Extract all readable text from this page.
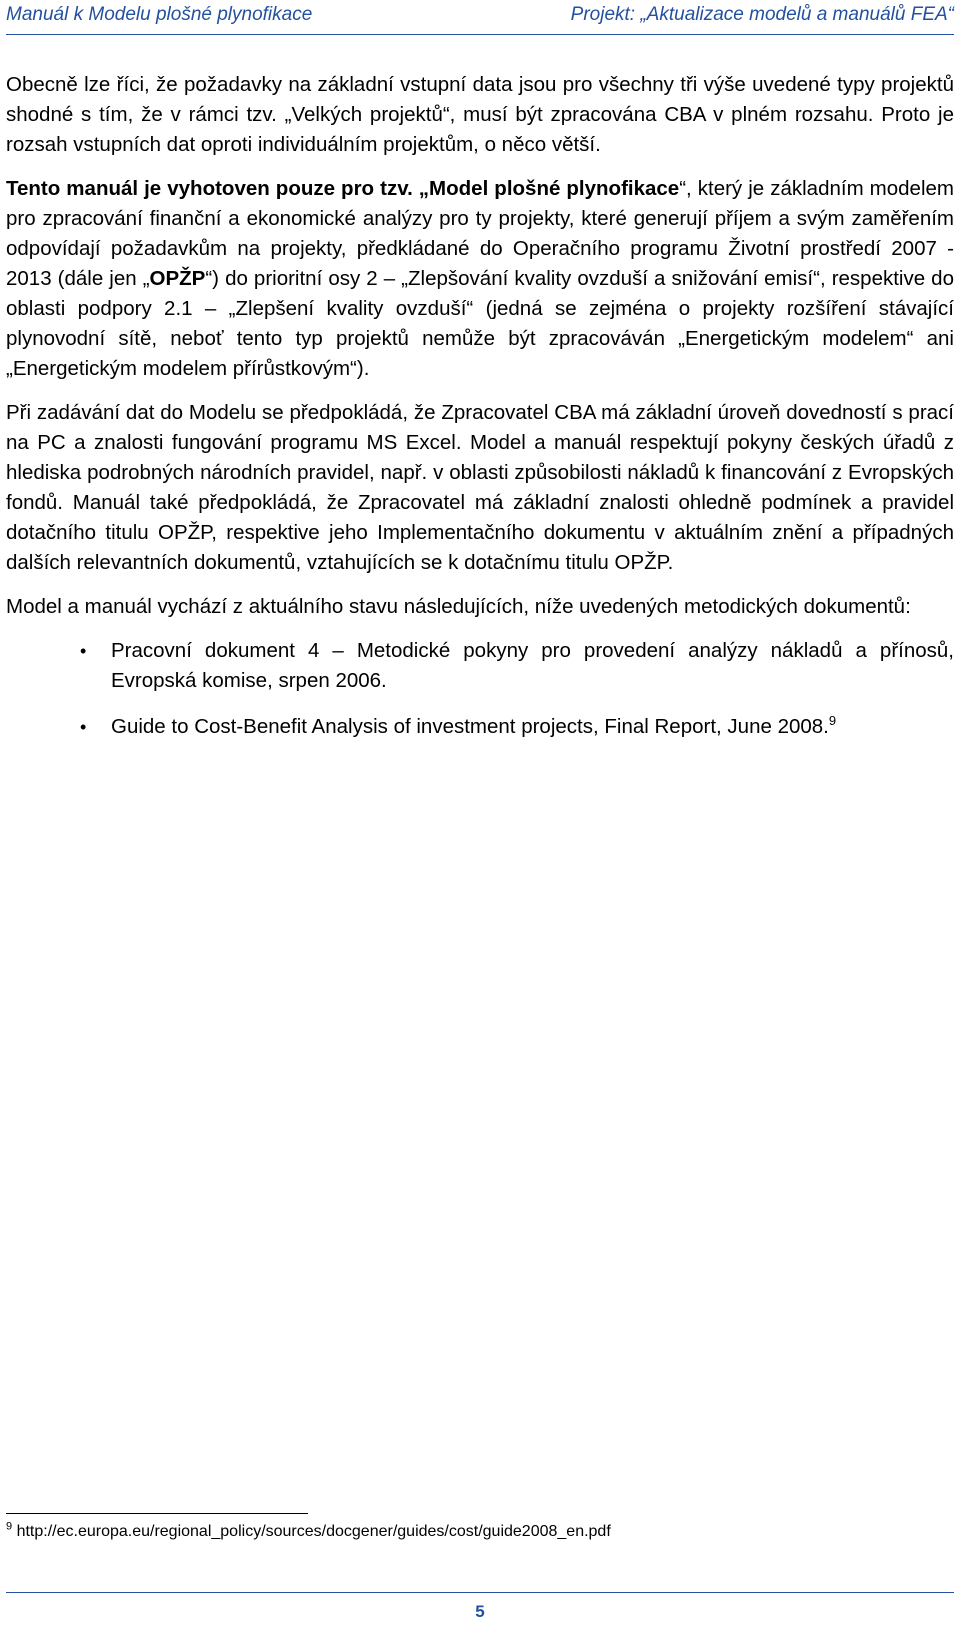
Manuál k Modelu plošné plynofikace	Projekt: „Aktualizace modelů a manuálů FEA“

Obecně lze říci, že požadavky na základní vstupní data jsou pro všechny tři výše uvedené typy projektů shodné s tím, že v rámci tzv. „Velkých projektů“, musí být zpracována CBA v plném rozsahu. Proto je rozsah vstupních dat oproti individuálním projektům, o něco větší.

Tento manuál je vyhotoven pouze pro tzv. „Model plošné plynofikace“, který je základním modelem pro zpracování finanční a ekonomické analýzy pro ty projekty, které generují příjem a svým zaměřením odpovídají požadavkům na projekty, předkládané do Operačního programu Životní prostředí 2007 - 2013 (dále jen „OPŽP“) do prioritní osy 2 – „Zlepšování kvality ovzduší a snižování emisí“, respektive do oblasti podpory 2.1 – „Zlepšení kvality ovzduší“ (jedná se zejména o projekty rozšíření stávající plynovodní sítě, neboť tento typ projektů nemůže být zpracováván „Energetickým modelem“ ani „Energetickým modelem přírůstkovým“).

Při zadávání dat do Modelu se předpokládá, že Zpracovatel CBA má základní úroveň dovedností s prací na PC a znalosti fungování programu MS Excel. Model a manuál respektují pokyny českých úřadů z hlediska podrobných národních pravidel, např. v oblasti způsobilosti nákladů k financování z Evropských fondů. Manuál také předpokládá, že Zpracovatel má základní znalosti ohledně podmínek a pravidel dotačního titulu OPŽP, respektive jeho Implementačního dokumentu v aktuálním znění a případných dalších relevantních dokumentů, vztahujících se k dotačnímu titulu OPŽP.

Model a manuál vychází z aktuálního stavu následujících, níže uvedených metodických dokumentů:

• Pracovní dokument 4 – Metodické pokyny pro provedení analýzy nákladů a přínosů, Evropská komise, srpen 2006.
• Guide to Cost-Benefit Analysis of investment projects, Final Report, June 2008.$^9$
$^9$ http://ec.europa.eu/regional_policy/sources/docgener/guides/cost/guide2008_en.pdf
5
